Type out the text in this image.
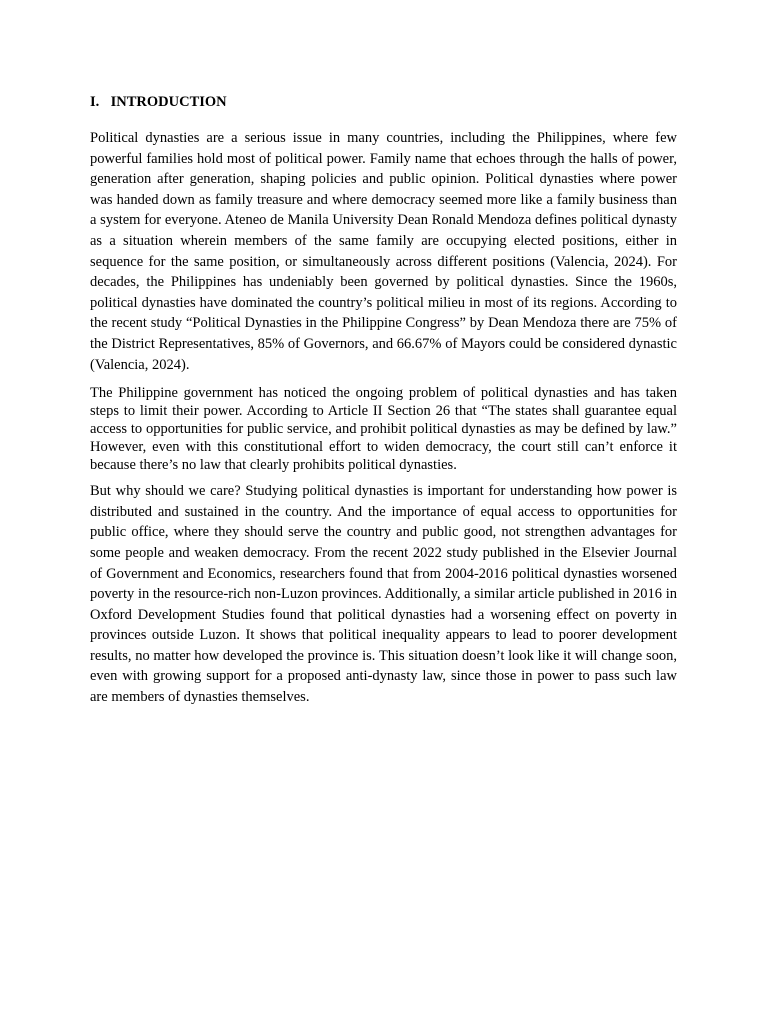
I. INTRODUCTION

Political dynasties are a serious issue in many countries, including the Philippines, where few powerful families hold most of political power. Family name that echoes through the halls of power, generation after generation, shaping policies and public opinion. Political dynasties where power was handed down as family treasure and where democracy seemed more like a family business than a system for everyone. Ateneo de Manila University Dean Ronald Mendoza defines political dynasty as a situation wherein members of the same family are occupying elected positions, either in sequence for the same position, or simultaneously across different positions (Valencia, 2024). For decades, the Philippines has undeniably been governed by political dynasties. Since the 1960s, political dynasties have dominated the country’s political milieu in most of its regions. According to the recent study “Political Dynasties in the Philippine Congress” by Dean Mendoza there are 75% of the District Representatives, 85% of Governors, and 66.67% of Mayors could be considered dynastic (Valencia, 2024).

The Philippine government has noticed the ongoing problem of political dynasties and has taken steps to limit their power. According to Article II Section 26 that “The states shall guarantee equal access to opportunities for public service, and prohibit political dynasties as may be defined by law.” However, even with this constitutional effort to widen democracy, the court still can’t enforce it because there’s no law that clearly prohibits political dynasties.

But why should we care? Studying political dynasties is important for understanding how power is distributed and sustained in the country. And the importance of equal access to opportunities for public office, where they should serve the country and public good, not strengthen advantages for some people and weaken democracy. From the recent 2022 study published in the Elsevier Journal of Government and Economics, researchers found that from 2004-2016 political dynasties worsened poverty in the resource-rich non-Luzon provinces. Additionally, a similar article published in 2016 in Oxford Development Studies found that political dynasties had a worsening effect on poverty in provinces outside Luzon. It shows that political inequality appears to lead to poorer development results, no matter how developed the province is. This situation doesn’t look like it will change soon, even with growing support for a proposed anti-dynasty law, since those in power to pass such law are members of dynasties themselves.
